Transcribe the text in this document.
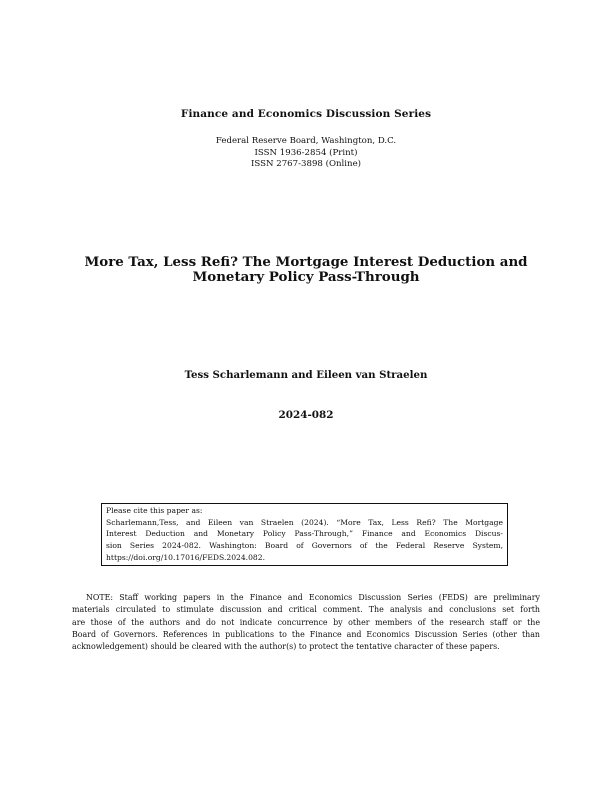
Finance and Economics Discussion Series
Federal Reserve Board, Washington, D.C.
ISSN 1936-2854 (Print)
ISSN 2767-3898 (Online)
More Tax, Less Refi? The Mortgage Interest Deduction and
Monetary Policy Pass-Through
Tess Scharlemann and Eileen van Straelen
2024-082
Please cite this paper as:
Scharlemann,Tess, and Eileen van Straelen (2024). “More Tax, Less Refi? The Mortgage
Interest Deduction and Monetary Policy Pass-Through,” Finance and Economics Discus-
sion Series 2024-082. Washington: Board of Governors of the Federal Reserve System,
https://doi.org/10.17016/FEDS.2024.082.
NOTE: Staff working papers in the Finance and Economics Discussion Series (FEDS) are preliminary
materials circulated to stimulate discussion and critical comment. The analysis and conclusions set forth
are those of the authors and do not indicate concurrence by other members of the research staff or the
Board of Governors. References in publications to the Finance and Economics Discussion Series (other than
acknowledgement) should be cleared with the author(s) to protect the tentative character of these papers.
